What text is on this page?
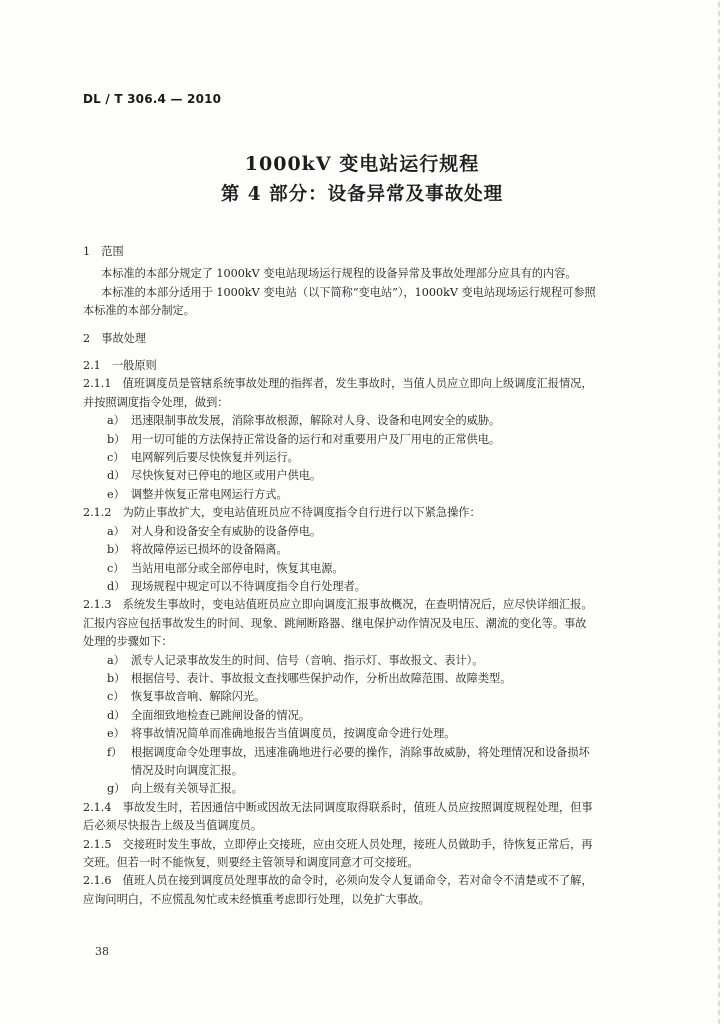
DL / T 306.4 — 2010
1000kV 变电站运行规程
第 4 部分：设备异常及事故处理

1　范围

本标准的本部分规定了 1000kV 变电站现场运行规程的设备异常及事故处理部分应具有的内容。

本标准的本部分适用于 1000kV 变电站（以下简称“变电站”），1000kV 变电站现场运行规程可参照

本标准的本部分制定。

2　事故处理

2.1　一般原则

2.1.1　值班调度员是管辖系统事故处理的指挥者，发生事故时，当值人员应立即向上级调度汇报情况，

并按照调度指令处理，做到：

a） 迅速限制事故发展，消除事故根源，解除对人身、设备和电网安全的威胁。

b） 用一切可能的方法保持正常设备的运行和对重要用户及厂用电的正常供电。

c） 电网解列后要尽快恢复并列运行。

d） 尽快恢复对已停电的地区或用户供电。

e） 调整并恢复正常电网运行方式。

2.1.2　为防止事故扩大，变电站值班员应不待调度指令自行进行以下紧急操作：

a） 对人身和设备安全有威胁的设备停电。

b） 将故障停运已损坏的设备隔离。

c） 当站用电部分或全部停电时，恢复其电源。

d） 现场规程中规定可以不待调度指令自行处理者。

2.1.3　系统发生事故时，变电站值班员应立即向调度汇报事故概况，在查明情况后，应尽快详细汇报。

汇报内容应包括事故发生的时间、现象、跳闸断路器、继电保护动作情况及电压、潮流的变化等。事故

处理的步骤如下：

a） 派专人记录事故发生的时间、信号（音响、指示灯、事故报文、表计）。

b） 根据信号、表计、事故报文查找哪些保护动作，分析出故障范围、故障类型。

c） 恢复事故音响、解除闪光。

d） 全面细致地检查已跳闸设备的情况。

e） 将事故情况简单而准确地报告当值调度员，按调度命令进行处理。

f） 根据调度命令处理事故，迅速准确地进行必要的操作，消除事故威胁，将处理情况和设备损坏

情况及时向调度汇报。

g） 向上级有关领导汇报。

2.1.4　事故发生时，若因通信中断或因故无法同调度取得联系时，值班人员应按照调度规程处理，但事

后必须尽快报告上级及当值调度员。

2.1.5　交接班时发生事故，立即停止交接班，应由交班人员处理，接班人员做助手，待恢复正常后，再

交班。但若一时不能恢复，则要经主管领导和调度同意才可交接班。

2.1.6　值班人员在接到调度员处理事故的命令时，必须向发令人复诵命令，若对命令不清楚或不了解，

应询问明白，不应慌乱匆忙或未经慎重考虑即行处理，以免扩大事故。

38
